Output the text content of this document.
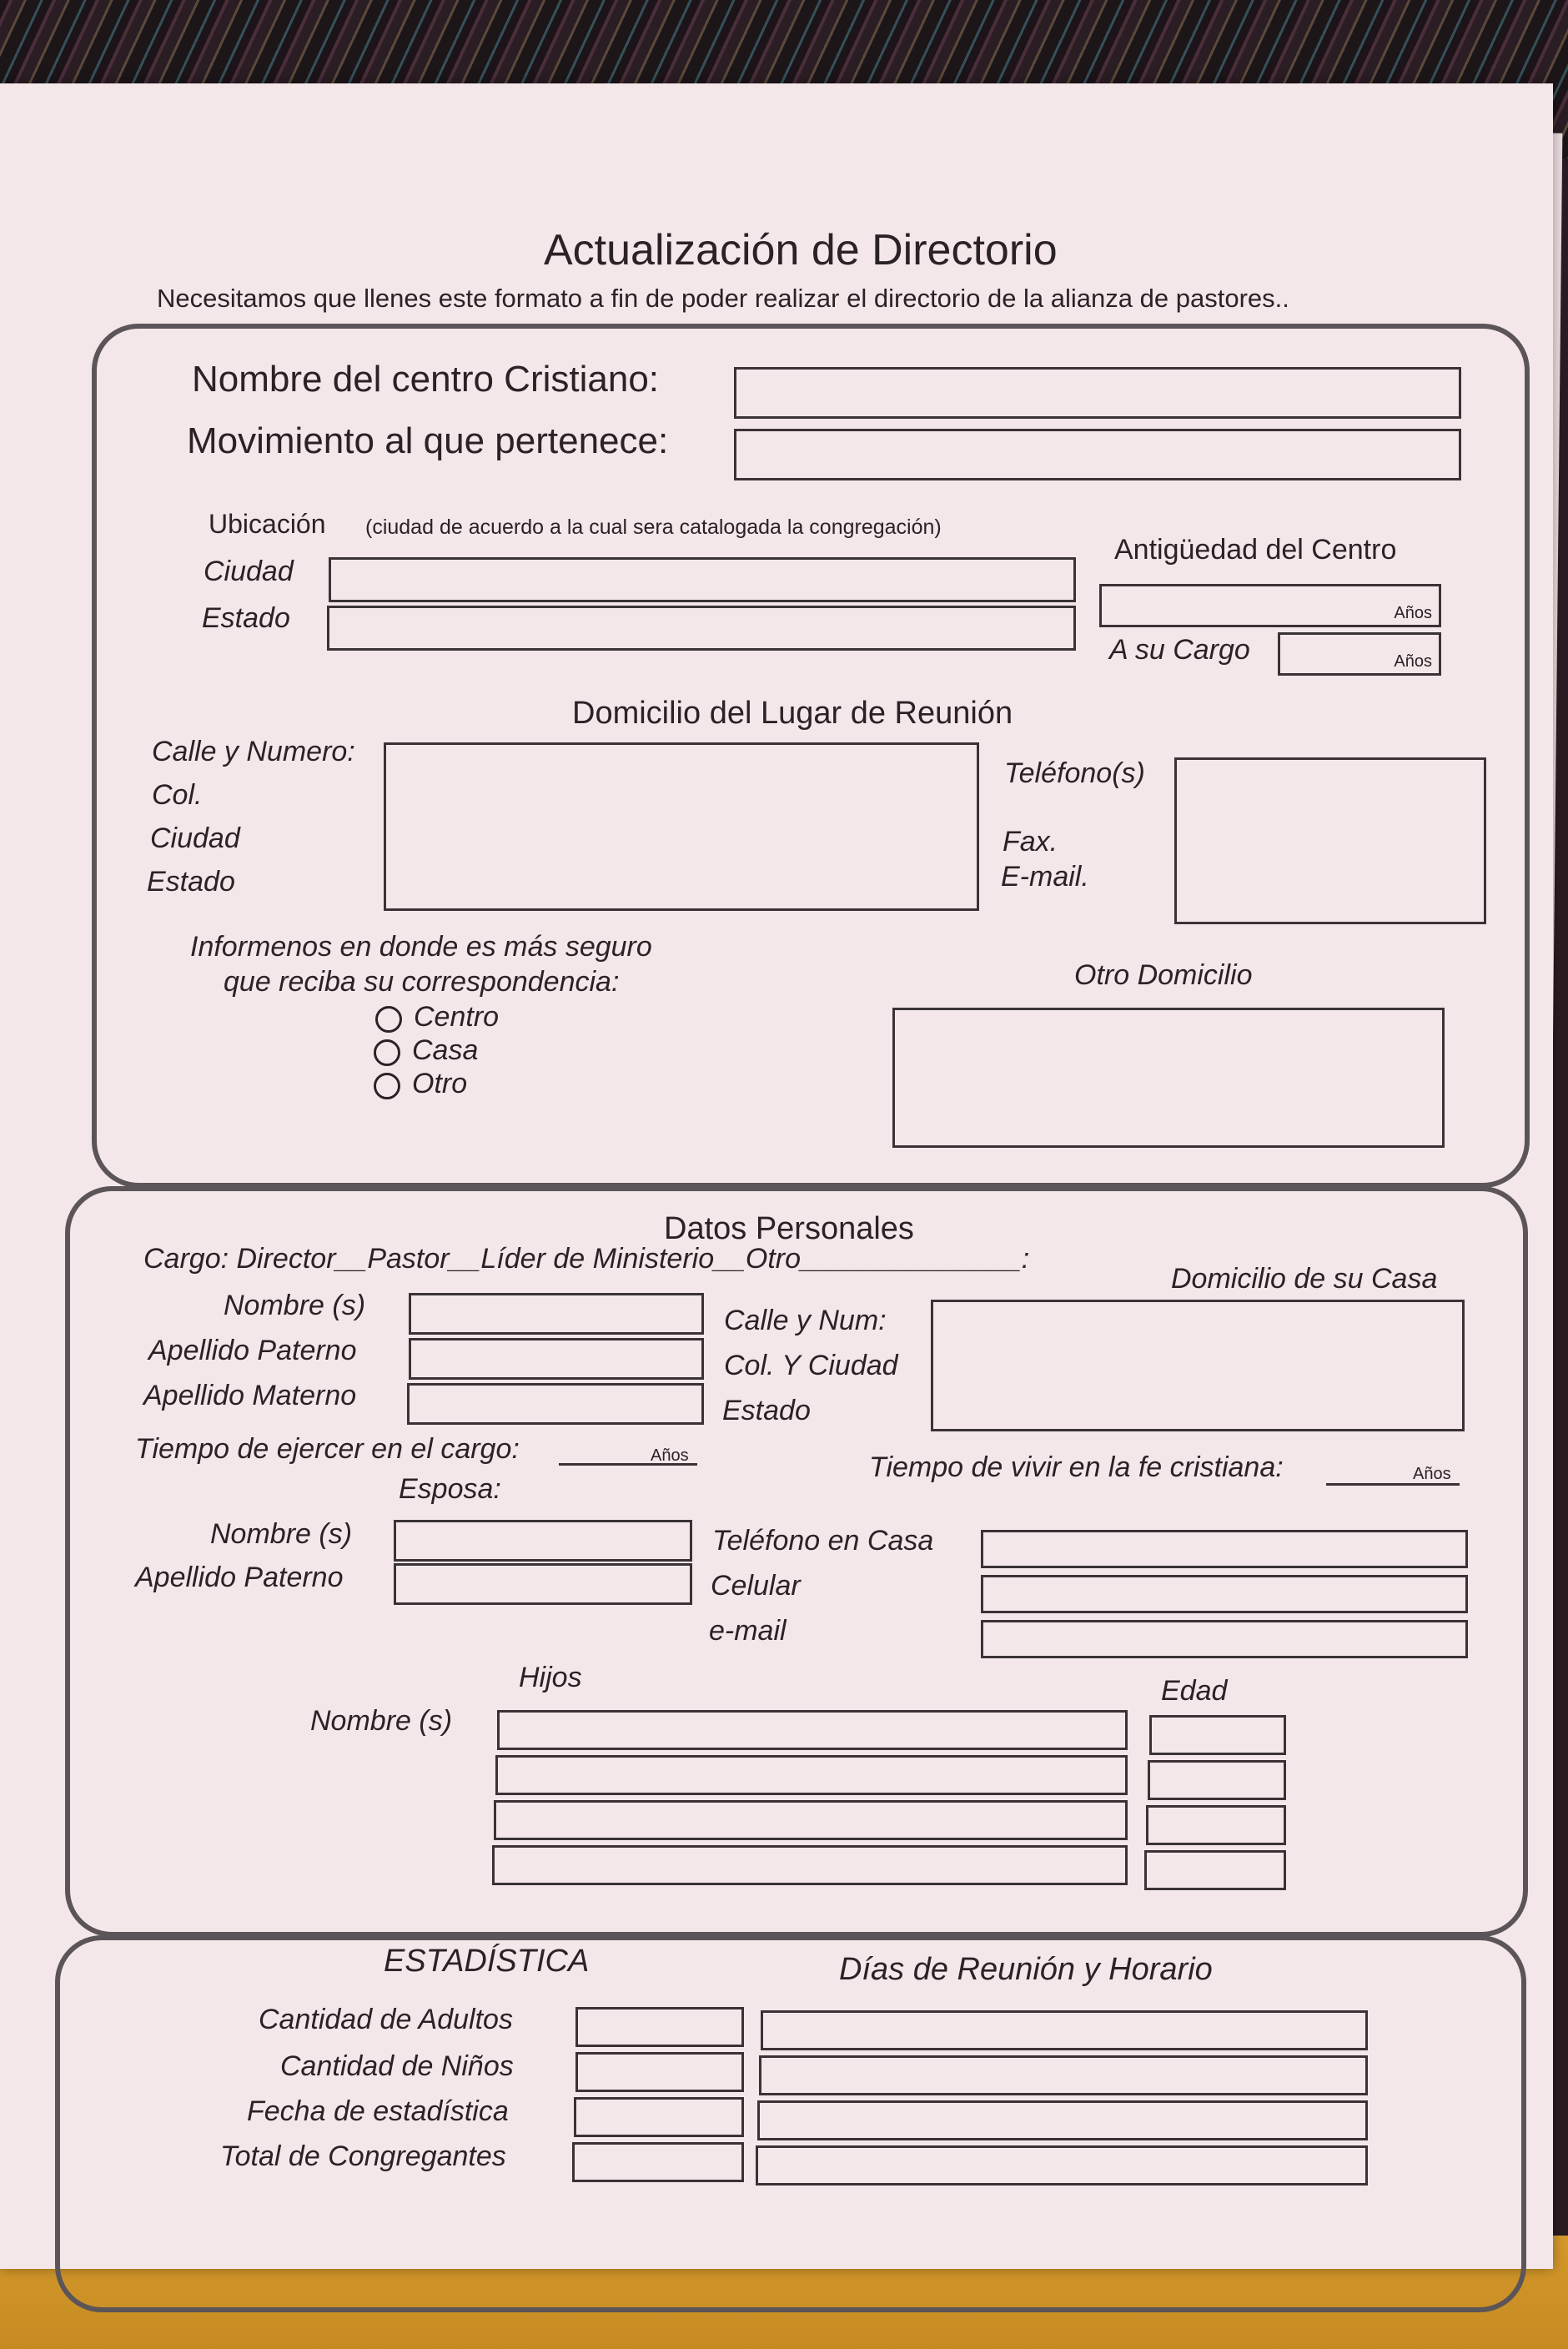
Actualización de Directorio
Necesitamos que llenes este formato a fin de poder realizar el directorio de la alianza de pastores..
Nombre del centro Cristiano:
Movimiento al que pertenece:
Ubicación (ciudad de acuerdo a la cual sera catalogada la congregación)
Ciudad
Estado
Antigüedad del Centro
Años
A su Cargo	Años
Domicilio del Lugar de Reunión
Calle y Numero:
Col.
Ciudad
Estado
Teléfono(s)
Fax.
E-mail.
Informenos en donde es más seguro
que reciba su correspondencia:
Centro
Casa
Otro
Otro Domicilio
Datos Personales
Cargo: Director__Pastor__Líder de Ministerio__Otro______________:
Domicilio de su Casa
Nombre (s)
Apellido Paterno
Apellido Materno
Calle y Num:
Col. Y Ciudad
Estado
Tiempo de ejercer en el cargo:	Años	Tiempo de vivir en la fe cristiana:	Años
Esposa:
Nombre (s)
Apellido Paterno
Teléfono en Casa
Celular
e-mail
Hijos	Edad
Nombre (s)
ESTADÍSTICA	Días de Reunión y Horario
Cantidad de Adultos
Cantidad de Niños
Fecha de estadística
Total de Congregantes
